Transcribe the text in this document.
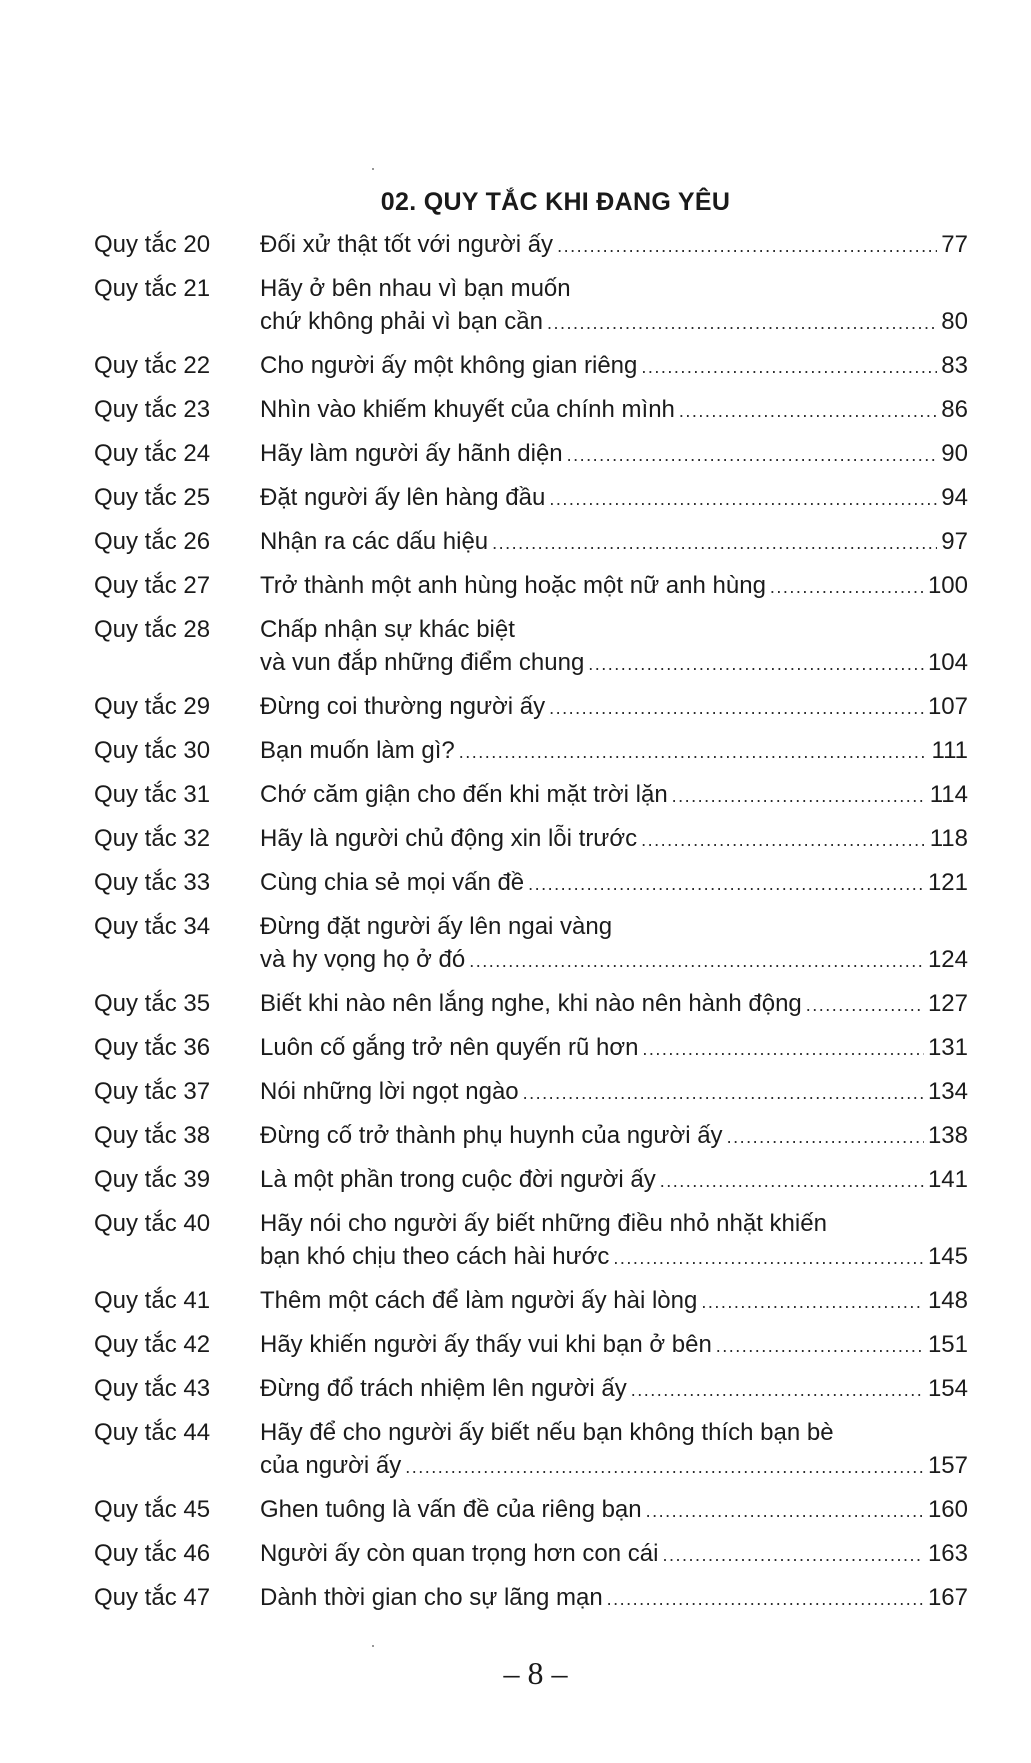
02. QUY TẮC KHI ĐANG YÊU
Quy tắc 20	Đối xử thật tốt với người ấy .....	77
Quy tắc 21	Hãy ở bên nhau vì bạn muốn
chứ không phải vì bạn cần .....	80
Quy tắc 22	Cho người ấy một không gian riêng .....	83
Quy tắc 23	Nhìn vào khiếm khuyết của chính mình .....	86
Quy tắc 24	Hãy làm người ấy hãnh diện .....	90
Quy tắc 25	Đặt người ấy lên hàng đầu .....	94
Quy tắc 26	Nhận ra các dấu hiệu .....	97
Quy tắc 27	Trở thành một anh hùng hoặc một nữ anh hùng .....	100
Quy tắc 28	Chấp nhận sự khác biệt
và vun đắp những điểm chung .....	104
Quy tắc 29	Đừng coi thường người ấy .....	107
Quy tắc 30	Bạn muốn làm gì? .....	111
Quy tắc 31	Chớ căm giận cho đến khi mặt trời lặn .....	114
Quy tắc 32	Hãy là người chủ động xin lỗi trước .....	118
Quy tắc 33	Cùng chia sẻ mọi vấn đề .....	121
Quy tắc 34	Đừng đặt người ấy lên ngai vàng
và hy vọng họ ở đó .....	124
Quy tắc 35	Biết khi nào nên lắng nghe, khi nào nên hành động .....	127
Quy tắc 36	Luôn cố gắng trở nên quyến rũ hơn .....	131
Quy tắc 37	Nói những lời ngọt ngào .....	134
Quy tắc 38	Đừng cố trở thành phụ huynh của người ấy .....	138
Quy tắc 39	Là một phần trong cuộc đời người ấy .....	141
Quy tắc 40	Hãy nói cho người ấy biết những điều nhỏ nhặt khiến
bạn khó chịu theo cách hài hước .....	145
Quy tắc 41	Thêm một cách để làm người ấy hài lòng .....	148
Quy tắc 42	Hãy khiến người ấy thấy vui khi bạn ở bên .....	151
Quy tắc 43	Đừng đổ trách nhiệm lên người ấy .....	154
Quy tắc 44	Hãy để cho người ấy biết nếu bạn không thích bạn bè
của người ấy .....	157
Quy tắc 45	Ghen tuông là vấn đề của riêng bạn .....	160
Quy tắc 46	Người ấy còn quan trọng hơn con cái .....	163
Quy tắc 47	Dành thời gian cho sự lãng mạn .....	167
– 8 –
